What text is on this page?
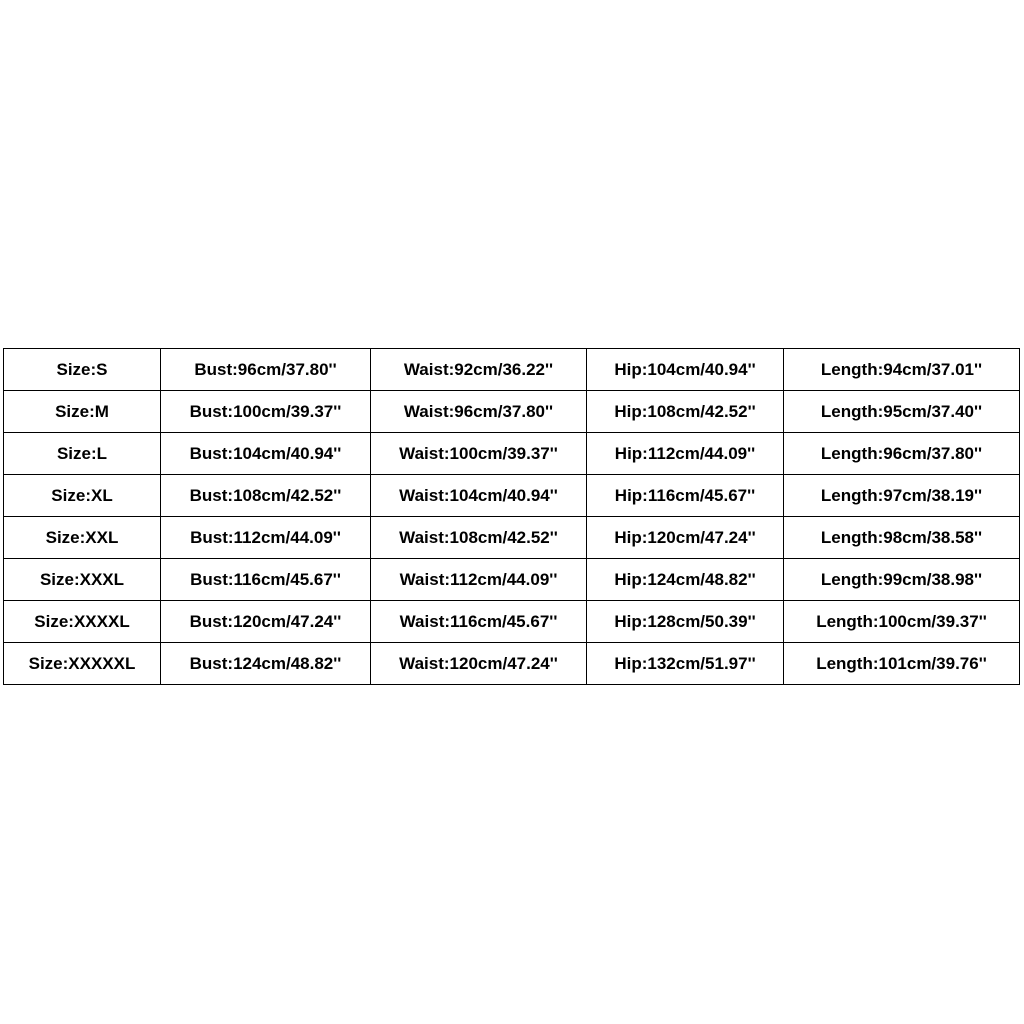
Size:S	Bust:96cm/37.80''	Waist:92cm/36.22''	Hip:104cm/40.94''	Length:94cm/37.01''
Size:M	Bust:100cm/39.37''	Waist:96cm/37.80''	Hip:108cm/42.52''	Length:95cm/37.40''
Size:L	Bust:104cm/40.94''	Waist:100cm/39.37''	Hip:112cm/44.09''	Length:96cm/37.80''
Size:XL	Bust:108cm/42.52''	Waist:104cm/40.94''	Hip:116cm/45.67''	Length:97cm/38.19''
Size:XXL	Bust:112cm/44.09''	Waist:108cm/42.52''	Hip:120cm/47.24''	Length:98cm/38.58''
Size:XXXL	Bust:116cm/45.67''	Waist:112cm/44.09''	Hip:124cm/48.82''	Length:99cm/38.98''
Size:XXXXL	Bust:120cm/47.24''	Waist:116cm/45.67''	Hip:128cm/50.39''	Length:100cm/39.37''
Size:XXXXXL	Bust:124cm/48.82''	Waist:120cm/47.24''	Hip:132cm/51.97''	Length:101cm/39.76''
